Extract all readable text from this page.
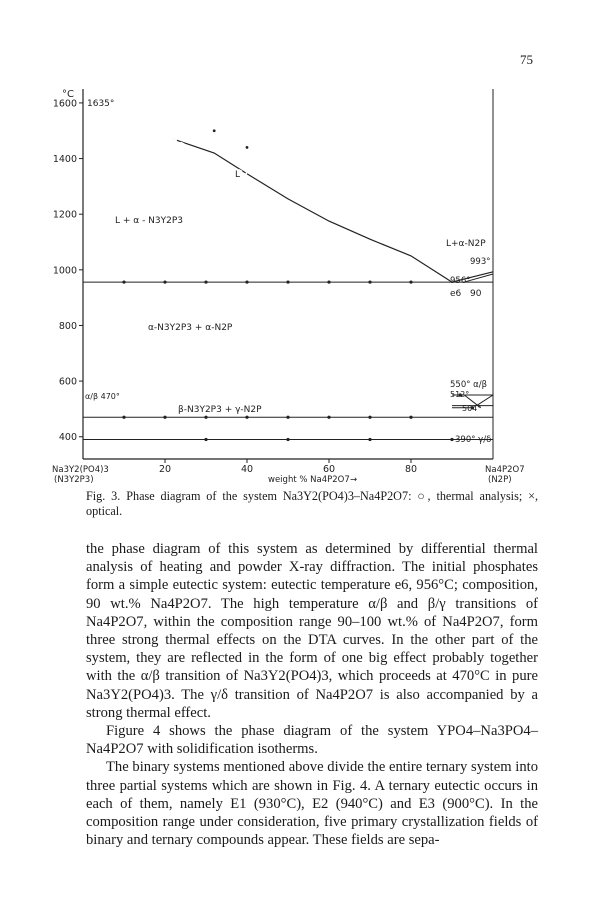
75
°C
1635°
1600
1400
1200
1000
800
600
400
20	40	60	80
L
L + α - N3Y2P3
L+α-N2P
α-N3Y2P3 + α-N2P
β-N3Y2P3 + γ-N2P
956°
993°
550° α/β
512°
504°
α/β 470°
390° γ/δ
e6 90
Na3Y2(PO4)3
(N3Y2P3)
Na4P2O7
(N2P)
weight % Na4P2O7 →
Fig. 3. Phase diagram of the system Na3Y2(PO4)3–Na4P2O7: ○, thermal analysis; ×, optical.

the phase diagram of this system as determined by differential thermal analysis of heating and powder X-ray diffraction. The initial phosphates form a simple eutectic system: eutectic temperature e6, 956°C; composition, 90 wt.% Na4P2O7. The high temperature α/β and β/γ transitions of Na4P2O7, within the composition range 90–100 wt.% of Na4P2O7, form three strong thermal effects on the DTA curves. In the other part of the system, they are reflected in the form of one big effect probably together with the α/β transition of Na3Y2(PO4)3, which proceeds at 470°C in pure Na3Y2(PO4)3. The γ/δ transition of Na4P2O7 is also accompanied by a strong thermal effect.

Figure 4 shows the phase diagram of the system YPO4–Na3PO4–Na4P2O7 with solidification isotherms.

The binary systems mentioned above divide the entire ternary system into three partial systems which are shown in Fig. 4. A ternary eutectic occurs in each of them, namely E1 (930°C), E2 (940°C) and E3 (900°C). In the composition range under consideration, five primary crystallization fields of binary and ternary compounds appear. These fields are sepa-
